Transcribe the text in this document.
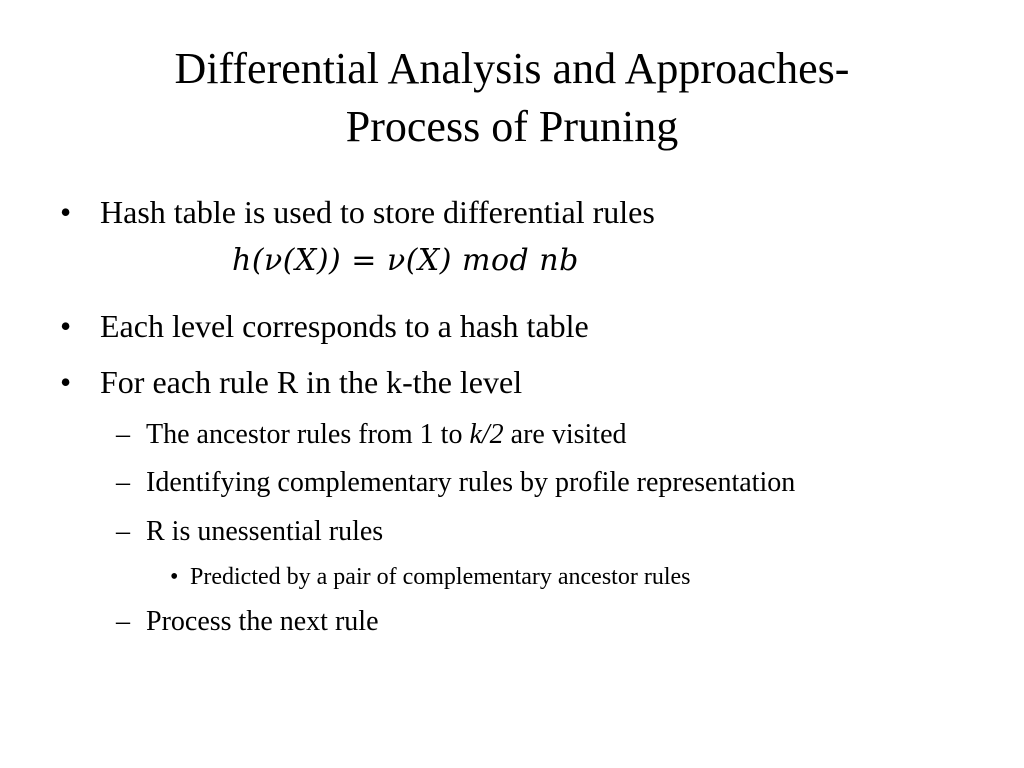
Differential Analysis and Approaches-
Process of Pruning
• Hash table is used to store differential rules
h(ν(X)) = ν(X) mod nb
• Each level corresponds to a hash table
• For each rule R in the k-the level
– The ancestor rules from 1 to k/2 are visited
– Identifying complementary rules by profile representation
– R is unessential rules
• Predicted by a pair of complementary ancestor rules
– Process the next rule
